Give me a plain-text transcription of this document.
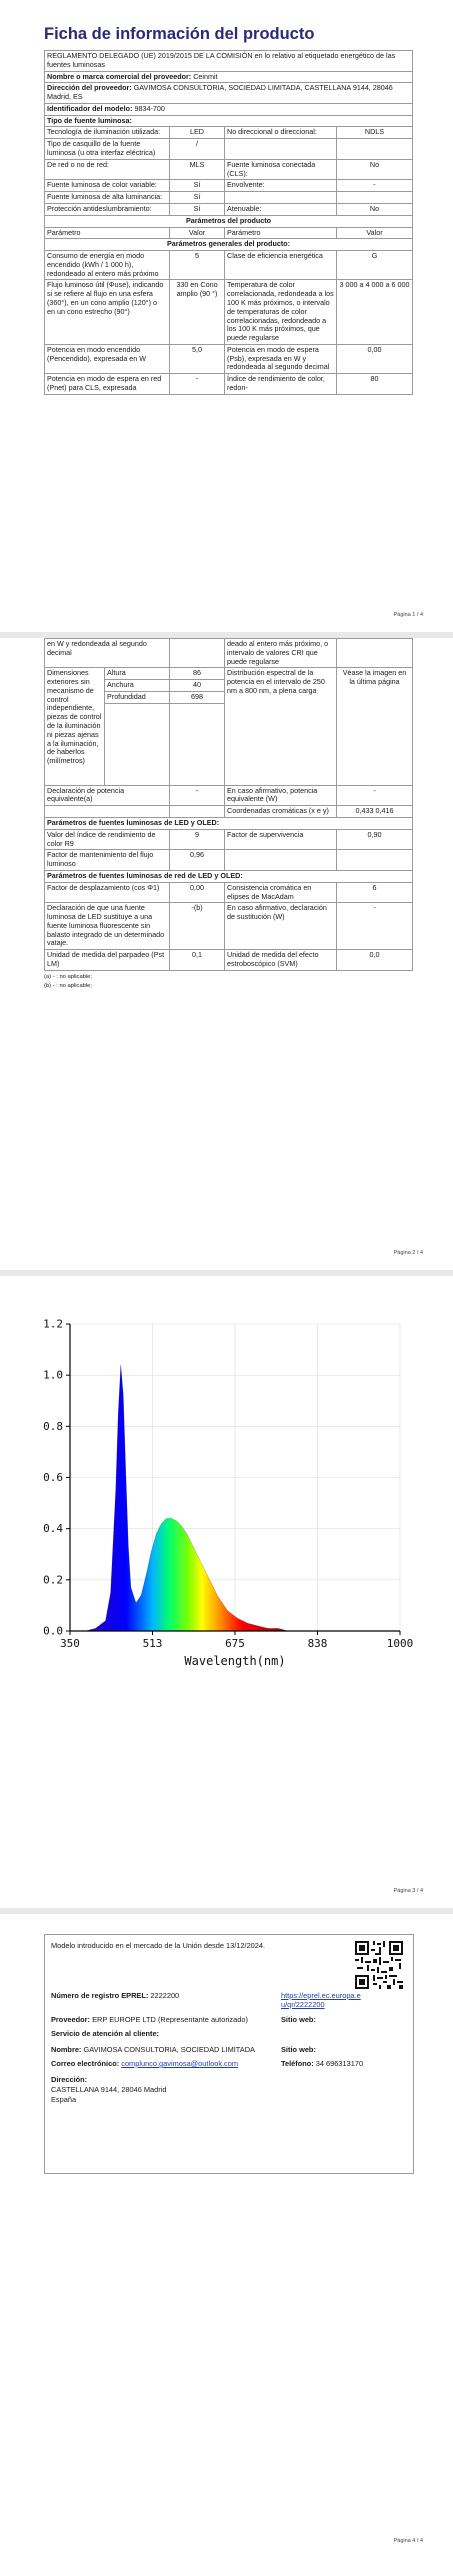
Ficha de información del producto
REGLAMENTO DELEGADO (UE) 2019/2015 DE LA COMISIÓN en lo relativo al etiquetado energético de las fuentes luminosas
Nombre o marca comercial del proveedor: Ceinmit
Dirección del proveedor: GAVIMOSA CONSULTORIA, SOCIEDAD LIMITADA, CASTELLANA 9144, 28046 Madrid, ES
Identificador del modelo: 9834-700
Tipo de fuente luminosa:
Tecnología de iluminación utilizada:	LED	No direccional o direccional:	NDLS
Tipo de casquillo de la fuente luminosa (u otra interfaz eléctrica)	/		
De red o no de red:	MLS	Fuente luminosa conectada (CLS):	No
Fuente luminosa de color variable:	Sí	Envolvente:	-
Fuente luminosa de alta luminancia:	Sí		
Protección antideslumbramiento:	Sí	Atenuable:	No
Parámetros del producto			
Parámetro	Valor	Parámetro	Valor
Parámetros generales del producto:			
Consumo de energía en modo encendido (kWh / 1 000 h), redondeado al entero más próximo	5	Clase de eficiencia energética	G
Flujo luminoso útil (Φuse), indicando si se refiere al flujo en una esfera (360°), en un cono amplio (120°) o en un cono estrecho (90°)	330 en Cono amplio (90 °)	Temperatura de color correlacionada, redondeada a los 100 K más próximos, o intervalo de temperaturas de color correlacionadas, redondeado a los 100 K más próximos, que puede regularse	3 000 a 4 000 a 6 000
Potencia en modo encendido (Pencendido), expresada en W	5,0	Potencia en modo de espera (Psb), expresada en W y redondeada al segundo decimal	0,00
Potencia en modo de espera en red (Pnet) para CLS, expresada	-	Índice de rendimiento de color, redon-	80
Página 1 / 4
en W y redondeada al segundo decimal			deado al entero más próximo, o intervalo de valores CRI que puede regularse	
Dimensiones exteriores sin mecanismo de control independiente, piezas de control de la iluminación ni piezas ajenas a la iluminación, de haberlos (milímetros)	Altura	86	Distribución espectral de la potencia en el intervalo de 250 nm a 800 nm, a plena carga	Véase la imagen en la última página
	Anchura	40		
	Profundidad	698		

Declaración de potencia equivalente(a)		-	En caso afirmativo, potencia equivalente (W)	-
			Coordenadas cromáticas (x e y)	0,433 0,416
Parámetros de fuentes luminosas de LED y OLED:				
Valor del índice de rendimiento de color R9		9	Factor de supervivencia	0,90
Factor de mantenimiento del flujo luminoso		0,96		
Parámetros de fuentes luminosas de red de LED y OLED:				
Factor de desplazamiento (cos Φ1)		0,00	Consistencia cromática en elipses de MacAdam	6
Declaración de que una fuente luminosa de LED sustituye a una fuente luminosa fluorescente sin balasto integrado de un determinado vataje.		-(b)	En caso afirmativo, declaración de sustitución (W)	-
Unidad de medida del parpadeo (Pst LM)		0,1	Unidad de medida del efecto estroboscópico (SVM)	0,0
(a) - : no aplicable;
(b) - : no aplicable;
Página 2 / 4
0.0
0.2
0.4
0.6
0.8
1.0
1.2
350	513	675	838	1000
Wavelength(nm)
Página 3 / 4
Modelo introducido en el mercado de la Unión desde 13/12/2024.
Número de registro EPREL: 2222200	https://eprel.ec.europa.eu/qr/2222200
Proveedor: ERP EUROPE LTD (Representante autorizado)	Sitio web:
Servicio de atención al cliente:
Nombre: GAVIMOSA CONSULTORIA, SOCIEDAD LIMITADA	Sitio web:
Correo electrónico: complunco.gavimosa@outlook.com	Teléfono: 34 696313170
Dirección:
CASTELLANA 9144, 28046 Madrid
España
Página 4 / 4
